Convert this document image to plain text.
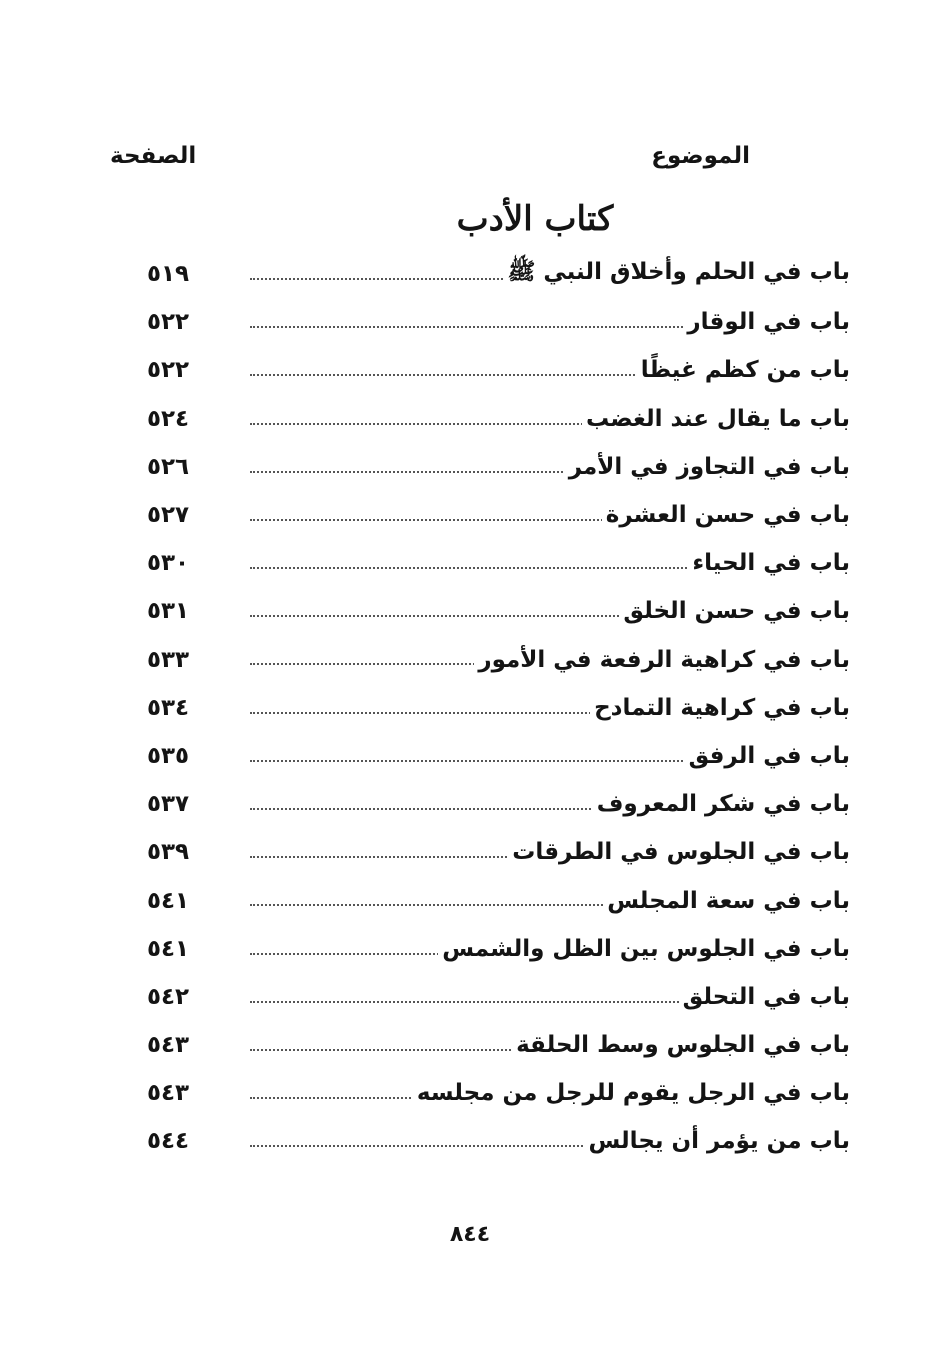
الموضوع
الصفحة
كتاب الأدب
باب في الحلم وأخلاق النبي ﷺ
٥١٩
باب في الوقار
٥٢٢
باب من كظم غيظًا
٥٢٢
باب ما يقال عند الغضب
٥٢٤
باب في التجاوز في الأمر
٥٢٦
باب في حسن العشرة
٥٢٧
باب في الحياء
٥٣٠
باب في حسن الخلق
٥٣١
باب في كراهية الرفعة في الأمور
٥٣٣
باب في كراهية التمادح
٥٣٤
باب في الرفق
٥٣٥
باب في شكر المعروف
٥٣٧
باب في الجلوس في الطرقات
٥٣٩
باب في سعة المجلس
٥٤١
باب في الجلوس بين الظل والشمس
٥٤١
باب في التحلق
٥٤٢
باب في الجلوس وسط الحلقة
٥٤٣
باب في الرجل يقوم للرجل من مجلسه
٥٤٣
باب من يؤمر أن يجالس
٥٤٤
٨٤٤
